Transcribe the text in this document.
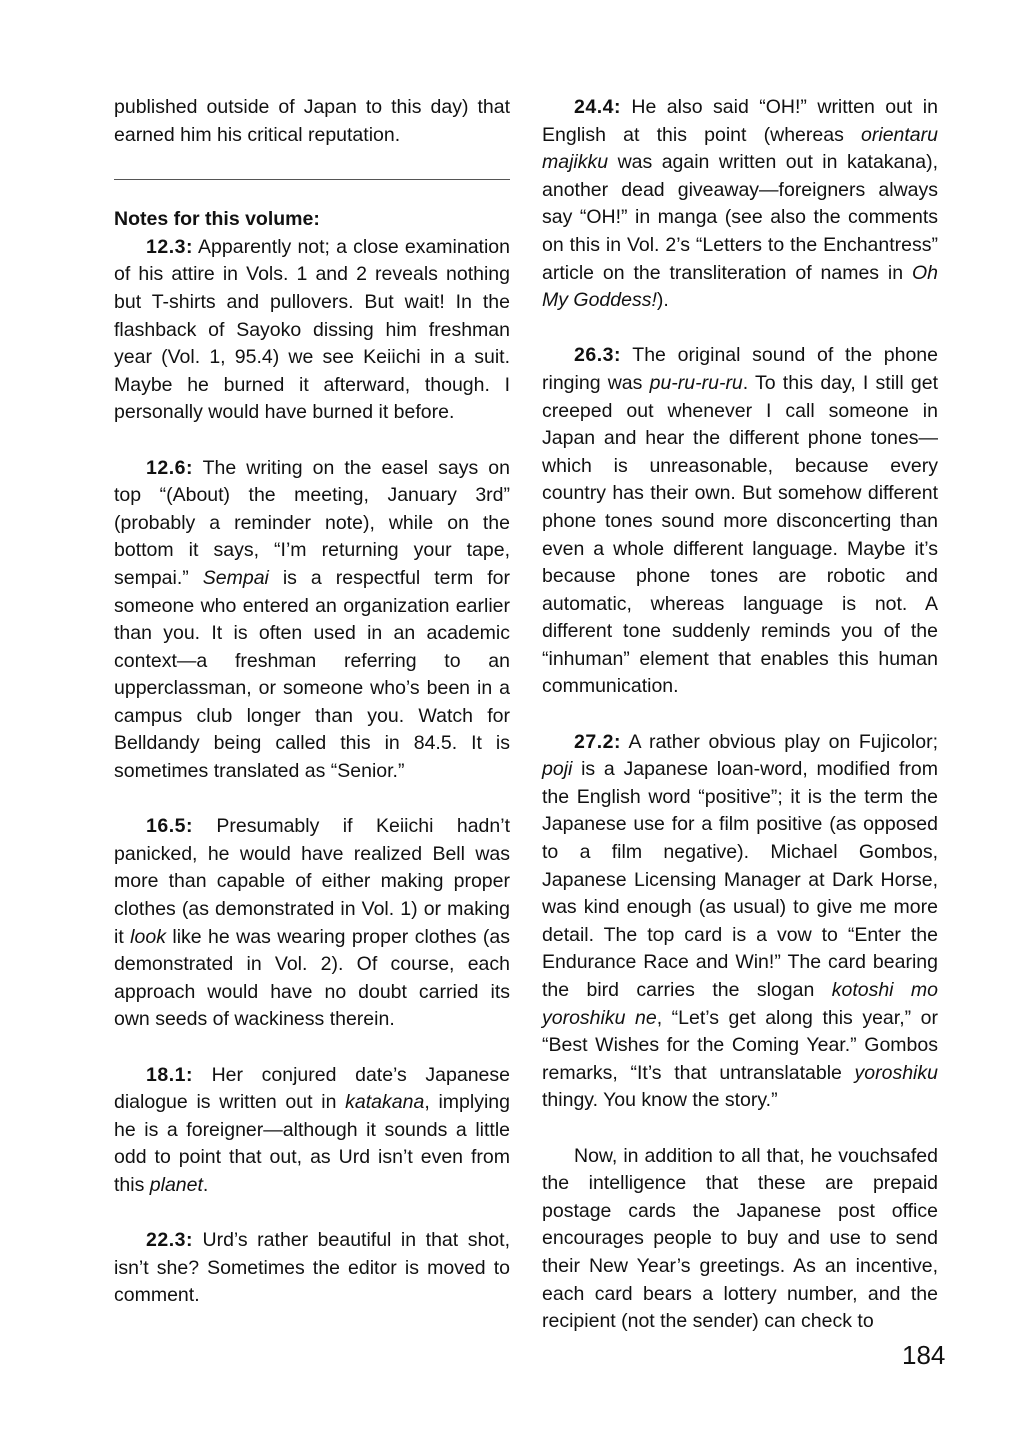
published outside of Japan to this day) that earned him his critical reputation.

Notes for this volume:

12.3: Apparently not; a close examination of his attire in Vols. 1 and 2 reveals nothing but T-shirts and pullovers. But wait! In the flashback of Sayoko dissing him freshman year (Vol. 1, 95.4) we see Keiichi in a suit. Maybe he burned it afterward, though. I personally would have burned it before.

12.6: The writing on the easel says on top “(About) the meeting, January 3rd” (probably a reminder note), while on the bottom it says, “I’m returning your tape, sempai.” Sempai is a respectful term for someone who entered an organization earlier than you. It is often used in an academic context—a freshman referring to an upperclassman, or someone who’s been in a campus club longer than you. Watch for Belldandy being called this in 84.5. It is sometimes translated as “Senior.”

16.5: Presumably if Keiichi hadn’t panicked, he would have realized Bell was more than capable of either making proper clothes (as demonstrated in Vol. 1) or making it look like he was wearing proper clothes (as demonstrated in Vol. 2). Of course, each approach would have no doubt carried its own seeds of wackiness therein.

18.1: Her conjured date’s Japanese dialogue is written out in katakana, implying he is a foreigner—although it sounds a little odd to point that out, as Urd isn’t even from this planet.

22.3: Urd’s rather beautiful in that shot, isn’t she? Sometimes the editor is moved to comment.

24.4: He also said “OH!” written out in English at this point (whereas orientaru majikku was again written out in katakana), another dead giveaway—foreigners always say “OH!” in manga (see also the comments on this in Vol. 2’s “Letters to the Enchantress” article on the transliteration of names in Oh My Goddess!).

26.3: The original sound of the phone ringing was pu-ru-ru-ru. To this day, I still get creeped out whenever I call someone in Japan and hear the different phone tones—which is unreasonable, because every country has their own. But somehow different phone tones sound more disconcerting than even a whole different language. Maybe it’s because phone tones are robotic and automatic, whereas language is not. A different tone suddenly reminds you of the “inhuman” element that enables this human communication.

27.2: A rather obvious play on Fujicolor; poji is a Japanese loan-word, modified from the English word “positive”; it is the term the Japanese use for a film positive (as opposed to a film negative). Michael Gombos, Japanese Licensing Manager at Dark Horse, was kind enough (as usual) to give me more detail. The top card is a vow to “Enter the Endurance Race and Win!” The card bearing the bird carries the slogan kotoshi mo yoroshiku ne, “Let’s get along this year,” or “Best Wishes for the Coming Year.” Gombos remarks, “It’s that untranslatable yoroshiku thingy. You know the story.”

Now, in addition to all that, he vouchsafed the intelligence that these are prepaid postage cards the Japanese post office encourages people to buy and use to send their New Year’s greetings. As an incentive, each card bears a lottery number, and the recipient (not the sender) can check to

184
